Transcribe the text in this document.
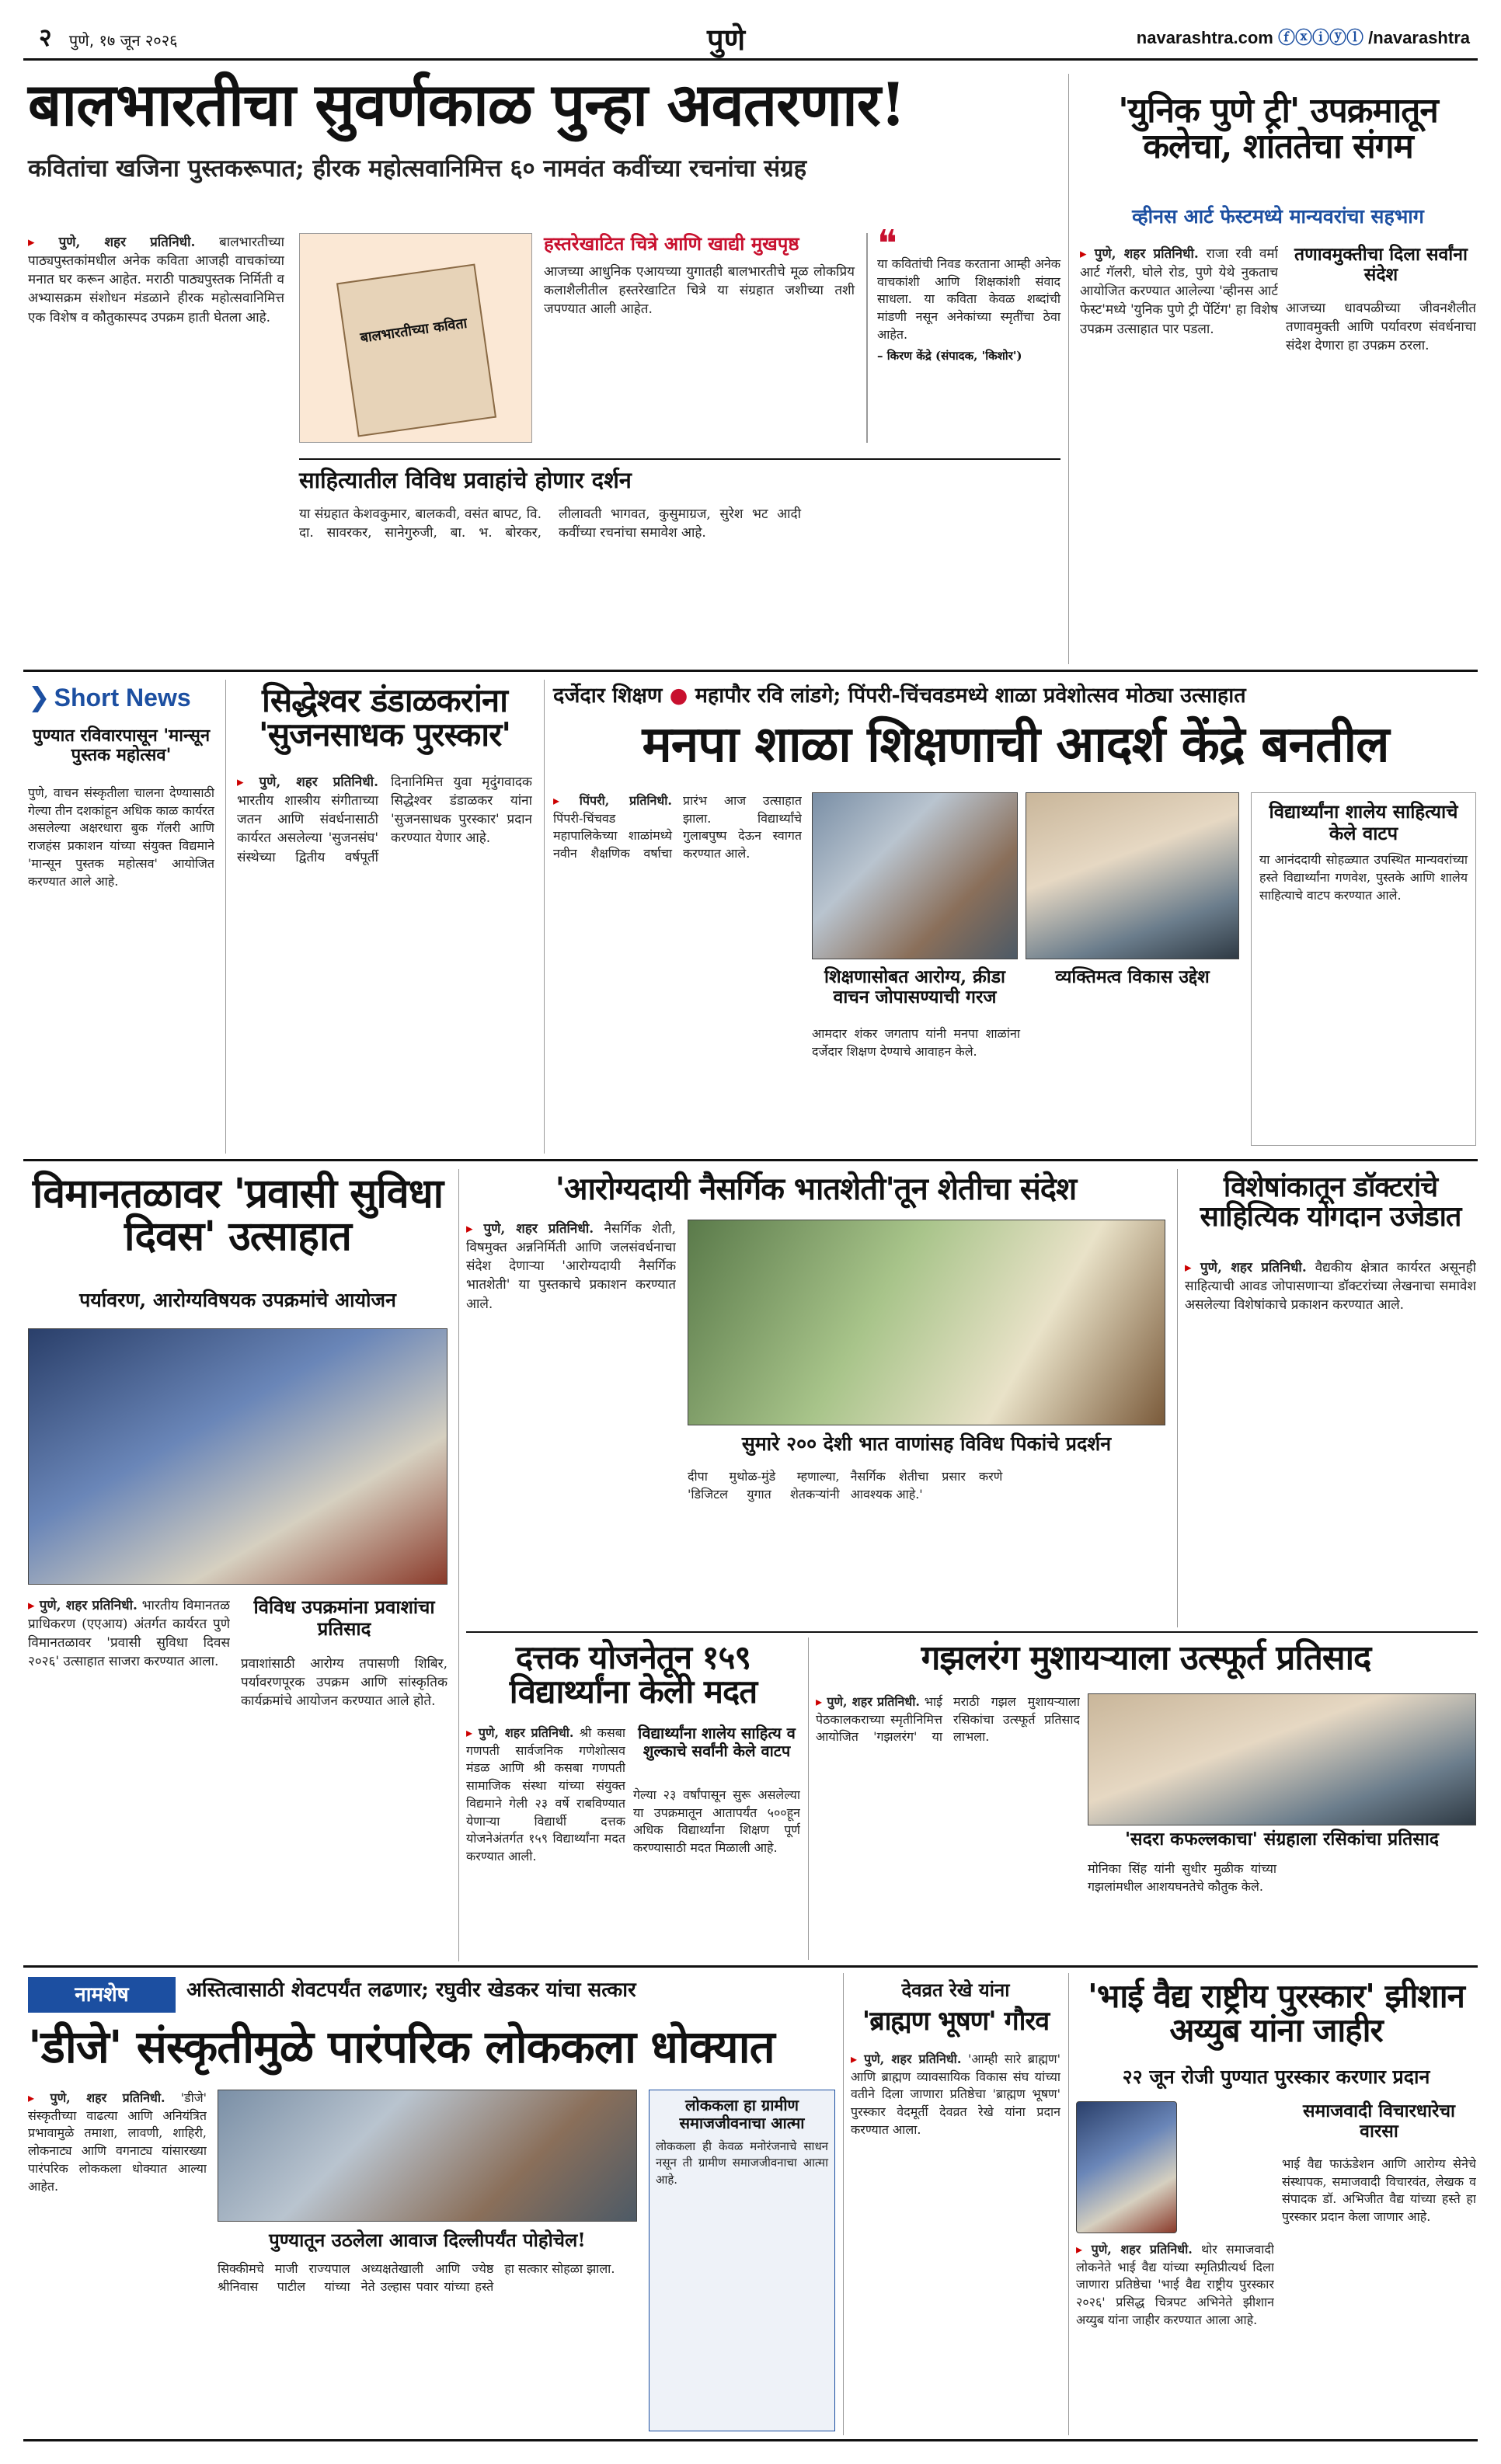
२ पुणे, १७ जून २०२६	पुणे	navarashtra.com ⓕⓧⓘⓨⓛ /navarashtra
बालभारतीचा सुवर्णकाळ पुन्हा अवतरणार!
कवितांचा खजिना पुस्तकरूपात; हीरक महोत्सवानिमित्त ६० नामवंत कवींच्या रचनांचा संग्रह
▸ पुणे, शहर प्रतिनिधी. बालभारतीच्या पाठ्यपुस्तकांमधील अनेक कविता आजही वाचकांच्या मनात घर करून आहेत. मराठी पाठ्यपुस्तक निर्मिती व अभ्यासक्रम संशोधन मंडळाने हीरक महोत्सवानिमित्त एक विशेष व कौतुकास्पद उपक्रम हाती घेतला आहे.	बालभारतीच्या कविता
हस्तरेखाटित चित्रे आणि खाद्यी मुखपृष्ठ
आजच्या आधुनिक एआयच्या युगातही बालभारतीचे मूळ लोकप्रिय कलाशैलीतील हस्तरेखाटित चित्रे या संग्रहात जशीच्या तशी जपण्यात आली आहेत.
❝
या कवितांची निवड करताना आम्ही अनेक वाचकांशी आणि शिक्षकांशी संवाद साधला. या कविता केवळ शब्दांची मांडणी नसून अनेकांच्या स्मृतींचा ठेवा आहेत.
– किरण केंद्रे (संपादक, 'किशोर')
साहित्यातील विविध प्रवाहांचे होणार दर्शन
या संग्रहात केशवकुमार, बालकवी, वसंत बापट, वि. दा. सावरकर, सानेगुरुजी, बा. भ. बोरकर, लीलावती भागवत, कुसुमाग्रज, सुरेश भट आदी कवींच्या रचनांचा समावेश आहे.
'युनिक पुणे ट्री' उपक्रमातून कलेचा, शांततेचा संगम
व्हीनस आर्ट फेस्टमध्ये मान्यवरांचा सहभाग
▸ पुणे, शहर प्रतिनिधी. राजा रवी वर्मा आर्ट गॅलरी, घोले रोड, पुणे येथे नुकताच आयोजित करण्यात आलेल्या 'व्हीनस आर्ट फेस्ट'मध्ये 'युनिक पुणे ट्री पेंटिंग' हा विशेष उपक्रम उत्साहात पार पडला.
तणावमुक्तीचा दिला सर्वांना संदेश
आजच्या धावपळीच्या जीवनशैलीत तणावमुक्ती आणि पर्यावरण संवर्धनाचा संदेश देणारा हा उपक्रम ठरला.
❯ Short News
पुण्यात रविवारपासून 'मान्सून पुस्तक महोत्सव'
पुणे, वाचन संस्कृतीला चालना देण्यासाठी गेल्या तीन दशकांहून अधिक काळ कार्यरत असलेल्या अक्षरधारा बुक गॅलरी आणि राजहंस प्रकाशन यांच्या संयुक्त विद्यमाने 'मान्सून पुस्तक महोत्सव' आयोजित करण्यात आले आहे.
सिद्धेश्वर डंडाळकरांना 'सुजनसाधक पुरस्कार'
▸ पुणे, शहर प्रतिनिधी. भारतीय शास्त्रीय संगीताच्या जतन आणि संवर्धनासाठी कार्यरत असलेल्या 'सुजनसंघ' संस्थेच्या द्वितीय वर्षपूर्ती दिनानिमित्त युवा मृदुंगवादक सिद्धेश्वर डंडाळकर यांना 'सुजनसाधक पुरस्कार' प्रदान करण्यात येणार आहे.
दर्जेदार शिक्षण ● महापौर रवि लांडगे; पिंपरी-चिंचवडमध्ये शाळा प्रवेशोत्सव मोठ्या उत्साहात
मनपा शाळा शिक्षणाची आदर्श केंद्रे बनतील
▸ पिंपरी, प्रतिनिधी. पिंपरी-चिंचवड महापालिकेच्या शाळांमध्ये नवीन शैक्षणिक वर्षाचा प्रारंभ आज उत्साहात झाला. विद्यार्थ्यांचे गुलाबपुष्प देऊन स्वागत करण्यात आले.
शिक्षणासोबत आरोग्य, क्रीडा वाचन जोपासण्याची गरज
व्यक्तिमत्व विकास उद्देश
आमदार शंकर जगताप यांनी मनपा शाळांना दर्जेदार शिक्षण देण्याचे आवाहन केले.
विद्यार्थ्यांना शालेय साहित्याचे केले वाटप
या आनंददायी सोहळ्यात उपस्थित मान्यवरांच्या हस्ते विद्यार्थ्यांना गणवेश, पुस्तके आणि शालेय साहित्याचे वाटप करण्यात आले.
विमानतळावर 'प्रवासी सुविधा दिवस' उत्साहात
पर्यावरण, आरोग्यविषयक उपक्रमांचे आयोजन
▸ पुणे, शहर प्रतिनिधी. भारतीय विमानतळ प्राधिकरण (एएआय) अंतर्गत कार्यरत पुणे विमानतळावर 'प्रवासी सुविधा दिवस २०२६' उत्साहात साजरा करण्यात आला.
विविध उपक्रमांना प्रवाशांचा प्रतिसाद
प्रवाशांसाठी आरोग्य तपासणी शिबिर, पर्यावरणपूरक उपक्रम आणि सांस्कृतिक कार्यक्रमांचे आयोजन करण्यात आले होते.
'आरोग्यदायी नैसर्गिक भातशेती'तून शेतीचा संदेश
▸ पुणे, शहर प्रतिनिधी. नैसर्गिक शेती, विषमुक्त अन्ननिर्मिती आणि जलसंवर्धनाचा संदेश देणाऱ्या 'आरोग्यदायी नैसर्गिक भातशेती' या पुस्तकाचे प्रकाशन करण्यात आले.
सुमारे २०० देशी भात वाणांसह विविध पिकांचे प्रदर्शन
दीपा मुथोळ-मुंडे म्हणाल्या, 'डिजिटल युगात शेतकऱ्यांनी नैसर्गिक शेतीचा प्रसार करणे आवश्यक आहे.'
विशेषांकातून डॉक्टरांचे साहित्यिक योगदान उजेडात
▸ पुणे, शहर प्रतिनिधी. वैद्यकीय क्षेत्रात कार्यरत असूनही साहित्याची आवड जोपासणाऱ्या डॉक्टरांच्या लेखनाचा समावेश असलेल्या विशेषांकाचे प्रकाशन करण्यात आले.
दत्तक योजनेतून १५९ विद्यार्थ्यांना केली मदत
▸ पुणे, शहर प्रतिनिधी. श्री कसबा गणपती सार्वजनिक गणेशोत्सव मंडळ आणि श्री कसबा गणपती सामाजिक संस्था यांच्या संयुक्त विद्यमाने गेली २३ वर्षे राबविण्यात येणाऱ्या विद्यार्थी दत्तक योजनेअंतर्गत १५९ विद्यार्थ्यांना मदत करण्यात आली.
विद्यार्थ्यांना शालेय साहित्य व शुल्काचे सर्वांनी केले वाटप
गेल्या २३ वर्षांपासून सुरू असलेल्या या उपक्रमातून आतापर्यंत ५००हून अधिक विद्यार्थ्यांना शिक्षण पूर्ण करण्यासाठी मदत मिळाली आहे.
गझलरंग मुशायऱ्याला उत्स्फूर्त प्रतिसाद
▸ पुणे, शहर प्रतिनिधी. भाई पेठकालकराच्या स्मृतीनिमित्त आयोजित 'गझलरंग' या मराठी गझल मुशायऱ्याला रसिकांचा उत्स्फूर्त प्रतिसाद लाभला.
'सदरा कफल्लकाचा' संग्रहाला रसिकांचा प्रतिसाद
मोनिका सिंह यांनी सुधीर मुळीक यांच्या गझलांमधील आशयघनतेचे कौतुक केले.
नामशेष	अस्तित्वासाठी शेवटपर्यंत लढणार; रघुवीर खेडकर यांचा सत्कार
'डीजे' संस्कृतीमुळे पारंपरिक लोककला धोक्यात
▸ पुणे, शहर प्रतिनिधी. 'डीजे' संस्कृतीच्या वाढत्या आणि अनियंत्रित प्रभावामुळे तमाशा, लावणी, शाहिरी, लोकनाट्य आणि वगनाट्य यांसारख्या पारंपरिक लोककला धोक्यात आल्या आहेत.
पुण्यातून उठलेला आवाज दिल्लीपर्यंत पोहोचेल!
सिक्कीमचे माजी राज्यपाल श्रीनिवास पाटील यांच्या अध्यक्षतेखाली आणि ज्येष्ठ नेते उल्हास पवार यांच्या हस्ते हा सत्कार सोहळा झाला.
लोककला हा ग्रामीण समाजजीवनाचा आत्मा
लोककला ही केवळ मनोरंजनाचे साधन नसून ती ग्रामीण समाजजीवनाचा आत्मा आहे.
देवव्रत रेखे यांना
'ब्राह्मण भूषण' गौरव
▸ पुणे, शहर प्रतिनिधी. 'आम्ही सारे ब्राह्मण' आणि ब्राह्मण व्यावसायिक विकास संघ यांच्या वतीने दिला जाणारा प्रतिष्ठेचा 'ब्राह्मण भूषण' पुरस्कार वेदमूर्ती देवव्रत रेखे यांना प्रदान करण्यात आला.
'भाई वैद्य राष्ट्रीय पुरस्कार' झीशान अय्युब यांना जाहीर
२२ जून रोजी पुण्यात पुरस्कार करणार प्रदान
▸ पुणे, शहर प्रतिनिधी. थोर समाजवादी लोकनेते भाई वैद्य यांच्या स्मृतिप्रीत्यर्थ दिला जाणारा प्रतिष्ठेचा 'भाई वैद्य राष्ट्रीय पुरस्कार २०२६' प्रसिद्ध चित्रपट अभिनेते झीशान अय्युब यांना जाहीर करण्यात आला आहे.
समाजवादी विचारधारेचा वारसा
भाई वैद्य फाऊंडेशन आणि आरोग्य सेनेचे संस्थापक, समाजवादी विचारवंत, लेखक व संपादक डॉ. अभिजीत वैद्य यांच्या हस्ते हा पुरस्कार प्रदान केला जाणार आहे.
